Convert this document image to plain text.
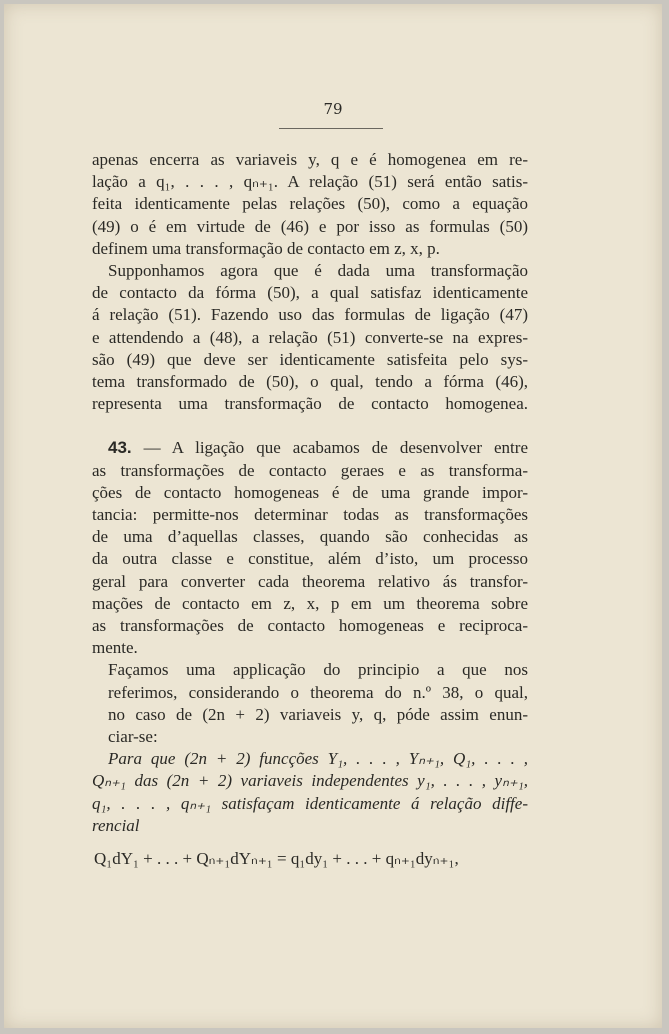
79
apenas encerra as variaveis y, q e é homogenea em re-
lação a q₁, . . . , qₙ₊₁. A relação (51) será então satis-
feita identicamente pelas relações (50), como a equação
(49) o é em virtude de (46) e por isso as formulas (50)
definem uma transformação de contacto em z, x, p.
Supponhamos agora que é dada uma transformação
de contacto da fórma (50), a qual satisfaz identicamente
á relação (51). Fazendo uso das formulas de ligação (47)
e attendendo a (48), a relação (51) converte-se na expres-
são (49) que deve ser identicamente satisfeita pelo sys-
tema transformado de (50), o qual, tendo a fórma (46),
representa uma transformação de contacto homogenea.
43. — A ligação que acabamos de desenvolver entre
as transformações de contacto geraes e as transforma-
ções de contacto homogeneas é de uma grande impor-
tancia: permitte-nos determinar todas as transformações
de uma d’aquellas classes, quando são conhecidas as
da outra classe e constitue, além d’isto, um processo
geral para converter cada theorema relativo ás transfor-
mações de contacto em z, x, p em um theorema sobre
as transformações de contacto homogeneas e reciproca-
mente.
Façamos uma applicação do principio a que nos
referimos, considerando o theorema do n.º 38, o qual,
no caso de (2n + 2) variaveis y, q, póde assim enun-
ciar-se:
Para que (2n + 2) funcções Y₁, . . . , Yₙ₊₁, Q₁, . . . ,
Qₙ₊₁ das (2n + 2) variaveis independentes y₁, . . . , yₙ₊₁,
q₁, . . . , qₙ₊₁ satisfaçam identicamente á relação diffe-
rencial
Q₁dY₁ + . . . + Qₙ₊₁dYₙ₊₁ = q₁dy₁ + . . . + qₙ₊₁dyₙ₊₁,
